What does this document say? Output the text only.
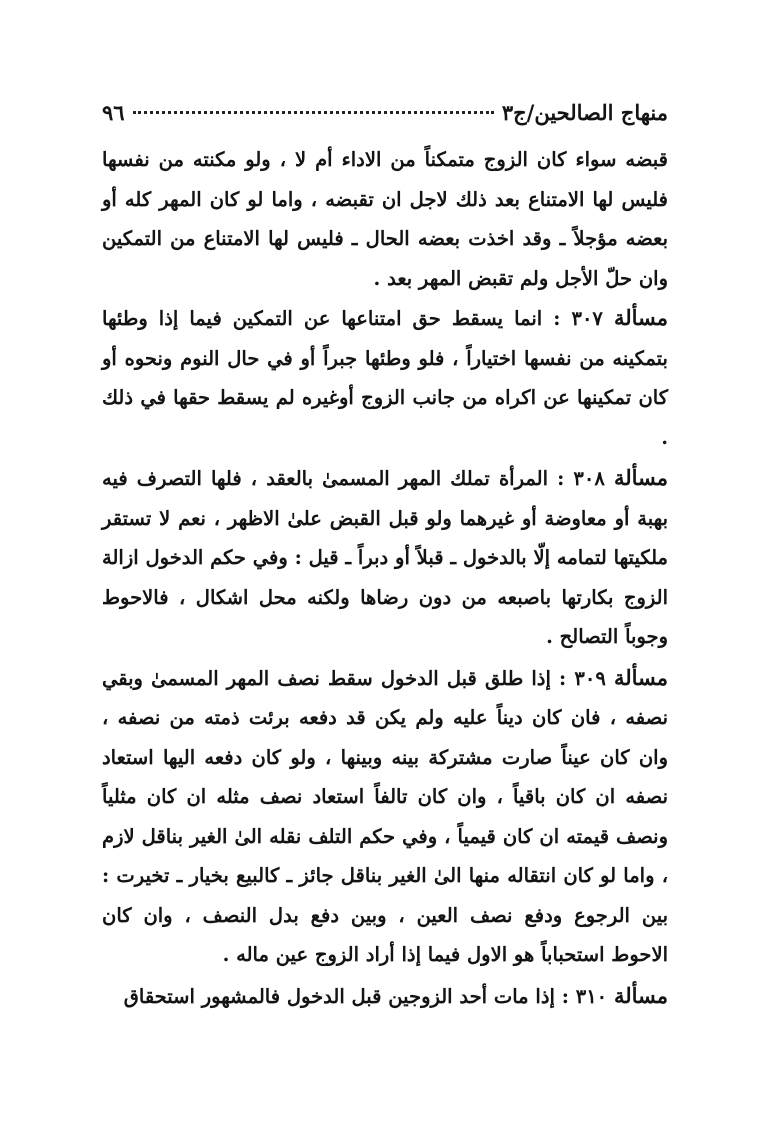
منهاج الصالحين/ج٣
٩٦

قبضه سواء كان الزوج متمكناً من الاداء أم لا ، ولو مكنته من نفسها فليس لها الامتناع بعد ذلك لاجل ان تقبضه ، واما لو كان المهر كله أو بعضه مؤجلاً ـ وقد اخذت بعضه الحال ـ فليس لها الامتناع من التمكين وان حلّ الأجل ولم تقبض المهر بعد .

مسألة ٣٠٧ : انما يسقط حق امتناعها عن التمكين فيما إذا وطئها بتمكينه من نفسها اختياراً ، فلو وطئها جبراً أو في حال النوم ونحوه أو كان تمكينها عن اكراه من جانب الزوج أوغيره لم يسقط حقها في ذلك .

مسألة ٣٠٨ : المرأة تملك المهر المسمىٰ بالعقد ، فلها التصرف فيه بهبة أو معاوضة أو غيرهما ولو قبل القبض علىٰ الاظهر ، نعم لا تستقر ملكيتها لتمامه إلّا بالدخول ـ قبلاً أو دبراً ـ قيل : وفي حكم الدخول ازالة الزوج بكارتها باصبعه من دون رضاها ولكنه محل اشكال ، فالاحوط وجوباً التصالح .

مسألة ٣٠٩ : إذا طلق قبل الدخول سقط نصف المهر المسمىٰ وبقي نصفه ، فان كان ديناً عليه ولم يكن قد دفعه برئت ذمته من نصفه ، وان كان عيناً صارت مشتركة بينه وبينها ، ولو كان دفعه اليها استعاد نصفه ان كان باقياً ، وان كان تالفاً استعاد نصف مثله ان كان مثلياً ونصف قيمته ان كان قيمياً ، وفي حكم التلف نقله الىٰ الغير بناقل لازم ، واما لو كان انتقاله منها الىٰ الغير بناقل جائز ـ كالبيع بخيار ـ تخيرت : بين الرجوع ودفع نصف العين ، وبين دفع بدل النصف ، وان كان الاحوط استحباباً هو الاول فيما إذا أراد الزوج عين ماله .

مسألة ٣١٠ : إذا مات أحد الزوجين قبل الدخول فالمشهور استحقاق
